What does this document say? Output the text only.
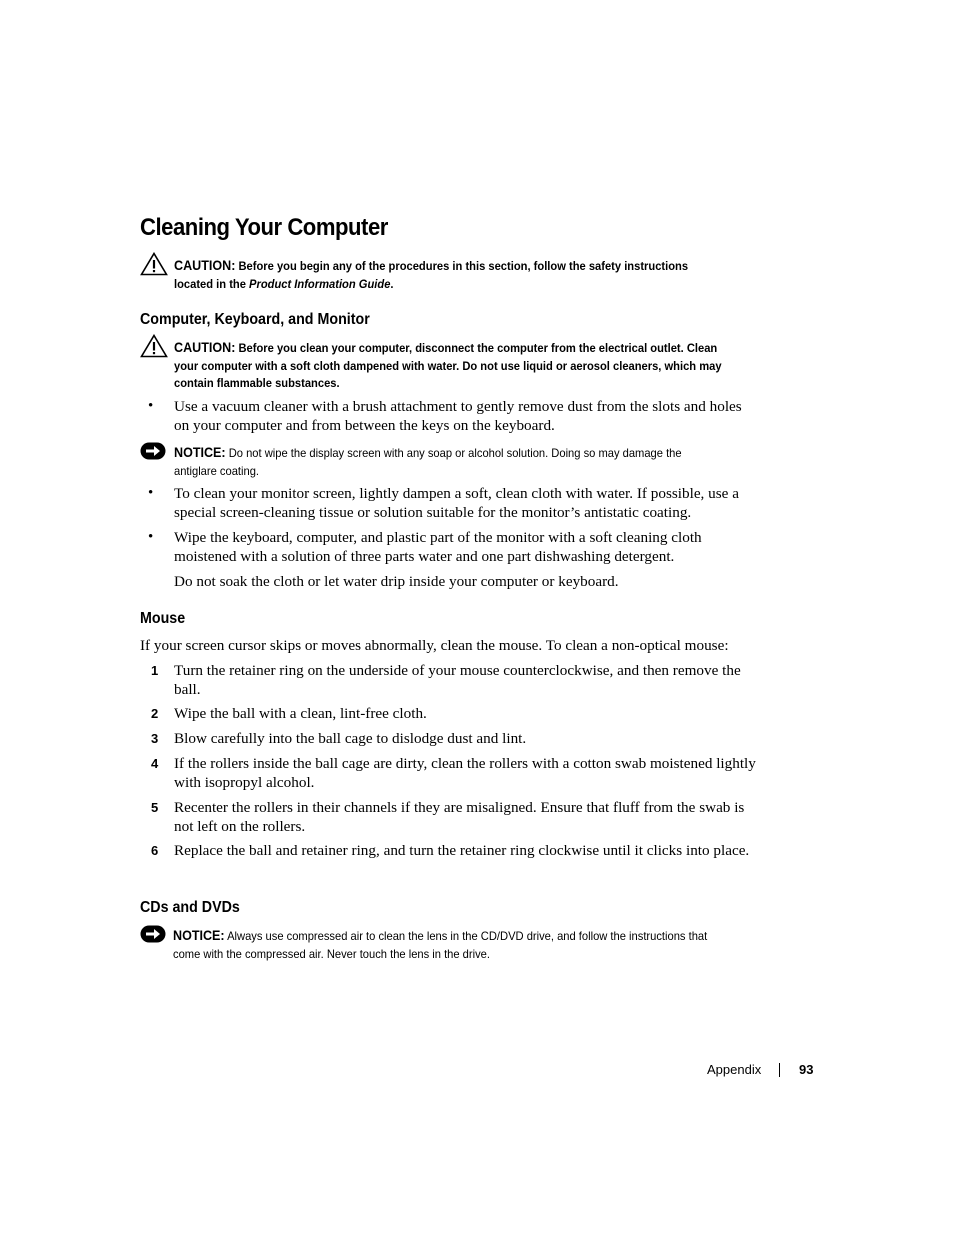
Cleaning Your Computer
CAUTION: Before you begin any of the procedures in this section, follow the safety instructions located in the Product Information Guide.
Computer, Keyboard, and Monitor
CAUTION: Before you clean your computer, disconnect the computer from the electrical outlet. Clean your computer with a soft cloth dampened with water. Do not use liquid or aerosol cleaners, which may contain flammable substances.
• Use a vacuum cleaner with a brush attachment to gently remove dust from the slots and holes on your computer and from between the keys on the keyboard.
NOTICE: Do not wipe the display screen with any soap or alcohol solution. Doing so may damage the antiglare coating.
• To clean your monitor screen, lightly dampen a soft, clean cloth with water. If possible, use a special screen-cleaning tissue or solution suitable for the monitor’s antistatic coating.
• Wipe the keyboard, computer, and plastic part of the monitor with a soft cleaning cloth moistened with a solution of three parts water and one part dishwashing detergent.
Do not soak the cloth or let water drip inside your computer or keyboard.
Mouse
If your screen cursor skips or moves abnormally, clean the mouse. To clean a non-optical mouse:
1 Turn the retainer ring on the underside of your mouse counterclockwise, and then remove the ball.
2 Wipe the ball with a clean, lint-free cloth.
3 Blow carefully into the ball cage to dislodge dust and lint.
4 If the rollers inside the ball cage are dirty, clean the rollers with a cotton swab moistened lightly with isopropyl alcohol.
5 Recenter the rollers in their channels if they are misaligned. Ensure that fluff from the swab is not left on the rollers.
6 Replace the ball and retainer ring, and turn the retainer ring clockwise until it clicks into place.
CDs and DVDs
NOTICE: Always use compressed air to clean the lens in the CD/DVD drive, and follow the instructions that come with the compressed air. Never touch the lens in the drive.
Appendix	93
